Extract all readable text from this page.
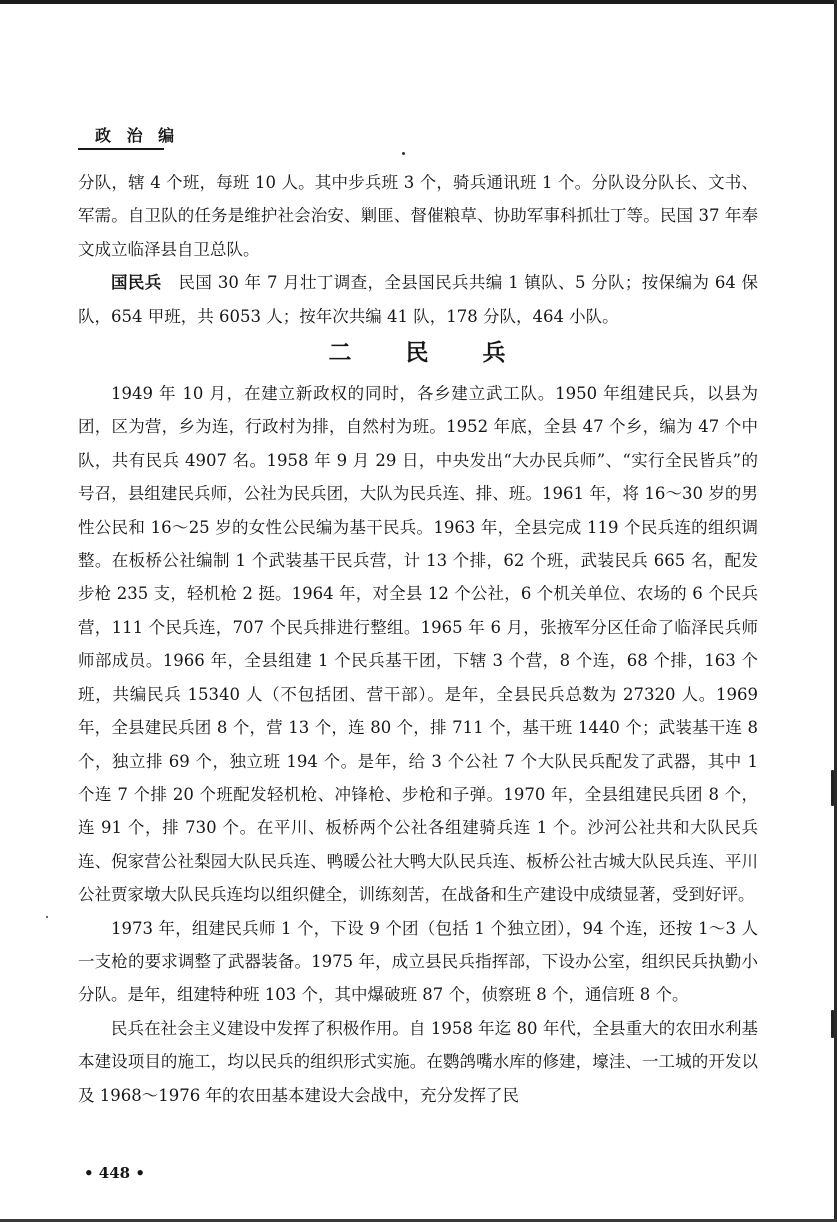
政 治 编

分队，辖 4 个班，每班 10 人。其中步兵班 3 个，骑兵通讯班 1 个。分队设分队长、文书、军需。自卫队的任务是维护社会治安、剿匪、督催粮草、协助军事科抓壮丁等。民国 37 年奉文成立临泽县自卫总队。

国民兵  民国 30 年 7 月壮丁调查，全县国民兵共编 1 镇队、5 分队；按保编为 64 保队，654 甲班，共 6053 人；按年次共编 41 队，178 分队，464 小队。

二 民 兵

1949 年 10 月，在建立新政权的同时，各乡建立武工队。1950 年组建民兵，以县为团，区为营，乡为连，行政村为排，自然村为班。1952 年底，全县 47 个乡，编为 47 个中队，共有民兵 4907 名。1958 年 9 月 29 日，中央发出“大办民兵师”、“实行全民皆兵”的号召，县组建民兵师，公社为民兵团，大队为民兵连、排、班。1961 年，将 16～30 岁的男性公民和 16～25 岁的女性公民编为基干民兵。1963 年，全县完成 119 个民兵连的组织调整。在板桥公社编制 1 个武装基干民兵营，计 13 个排，62 个班，武装民兵 665 名，配发步枪 235 支，轻机枪 2 挺。1964 年，对全县 12 个公社，6 个机关单位、农场的 6 个民兵营，111 个民兵连，707 个民兵排进行整组。1965 年 6 月，张掖军分区任命了临泽民兵师师部成员。1966 年，全县组建 1 个民兵基干团，下辖 3 个营，8 个连，68 个排，163 个班，共编民兵 15340 人（不包括团、营干部）。是年，全县民兵总数为 27320 人。1969 年，全县建民兵团 8 个，营 13 个，连 80 个，排 711 个，基干班 1440 个；武装基干连 8 个，独立排 69 个，独立班 194 个。是年，给 3 个公社 7 个大队民兵配发了武器，其中 1 个连 7 个排 20 个班配发轻机枪、冲锋枪、步枪和子弹。1970 年，全县组建民兵团 8 个，连 91 个，排 730 个。在平川、板桥两个公社各组建骑兵连 1 个。沙河公社共和大队民兵连、倪家营公社梨园大队民兵连、鸭暖公社大鸭大队民兵连、板桥公社古城大队民兵连、平川公社贾家墩大队民兵连均以组织健全，训练刻苦，在战备和生产建设中成绩显著，受到好评。

1973 年，组建民兵师 1 个，下设 9 个团（包括 1 个独立团），94 个连，还按 1～3 人一支枪的要求调整了武器装备。1975 年，成立县民兵指挥部，下设办公室，组织民兵执勤小分队。是年，组建特种班 103 个，其中爆破班 87 个，侦察班 8 个，通信班 8 个。

民兵在社会主义建设中发挥了积极作用。自 1958 年迄 80 年代，全县重大的农田水利基本建设项目的施工，均以民兵的组织形式实施。在鹦鸽嘴水库的修建，壕洼、一工城的开发以及 1968～1976 年的农田基本建设大会战中，充分发挥了民

• 448 •
